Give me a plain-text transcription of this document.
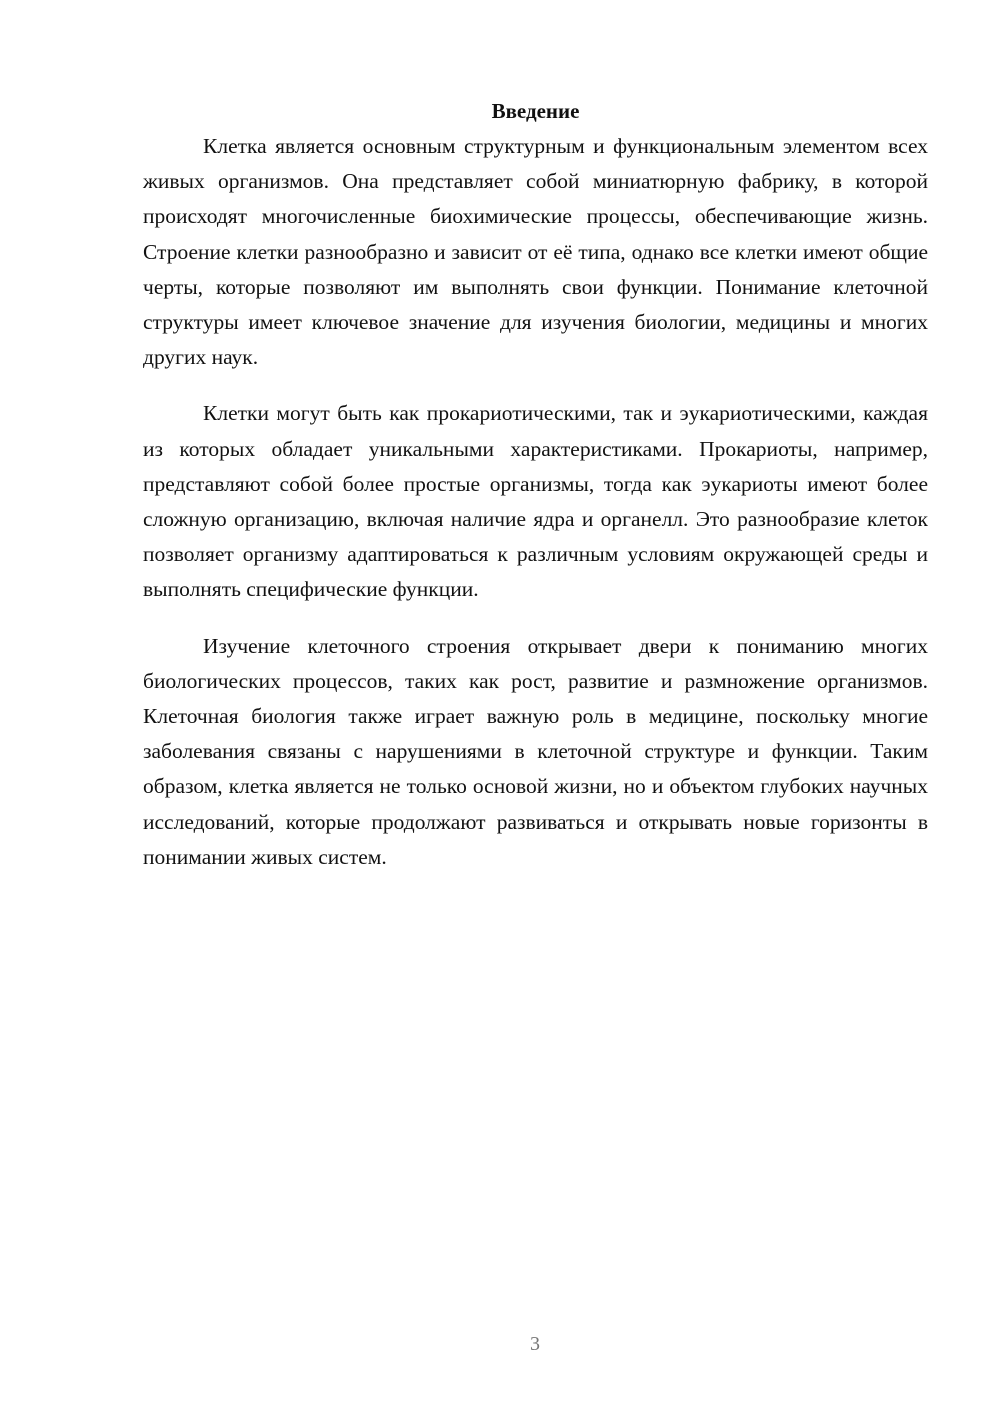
Введение

Клетка является основным структурным и функциональным элементом всех живых организмов. Она представляет собой миниатюрную фабрику, в которой происходят многочисленные биохимические процессы, обеспечивающие жизнь. Строение клетки разнообразно и зависит от её типа, однако все клетки имеют общие черты, которые позволяют им выполнять свои функции. Понимание клеточной структуры имеет ключевое значение для изучения биологии, медицины и многих других наук.

Клетки могут быть как прокариотическими, так и эукариотическими, каждая из которых обладает уникальными характеристиками. Прокариоты, например, представляют собой более простые организмы, тогда как эукариоты имеют более сложную организацию, включая наличие ядра и органелл. Это разнообразие клеток позволяет организму адаптироваться к различным условиям окружающей среды и выполнять специфические функции.

Изучение клеточного строения открывает двери к пониманию многих биологических процессов, таких как рост, развитие и размножение организмов. Клеточная биология также играет важную роль в медицине, поскольку многие заболевания связаны с нарушениями в клеточной структуре и функции. Таким образом, клетка является не только основой жизни, но и объектом глубоких научных исследований, которые продолжают развиваться и открывать новые горизонты в понимании живых систем.

3
